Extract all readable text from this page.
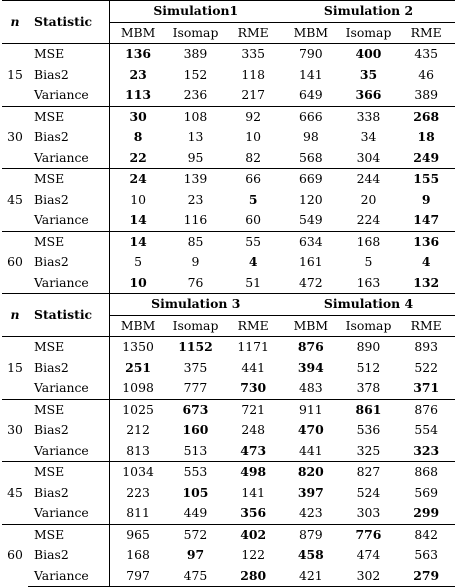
n	Statistic	Simulation1			Simulation 2		
		MBM	Isomap	RME	MBM	Isomap	RME
15	MSE	136	389	335	790	400	435
	Bias2	23	152	118	141	35	46
	Variance	113	236	217	649	366	389
30	MSE	30	108	92	666	338	268
	Bias2	8	13	10	98	34	18
	Variance	22	95	82	568	304	249
45	MSE	24	139	66	669	244	155
	Bias2	10	23	5	120	20	9
	Variance	14	116	60	549	224	147
60	MSE	14	85	55	634	168	136
	Bias2	5	9	4	161	5	4
	Variance	10	76	51	472	163	132
n	Statistic	Simulation 3			Simulation 4		
		MBM	Isomap	RME	MBM	Isomap	RME
15	MSE	1350	1152	1171	876	890	893
	Bias2	251	375	441	394	512	522
	Variance	1098	777	730	483	378	371
30	MSE	1025	673	721	911	861	876
	Bias2	212	160	248	470	536	554
	Variance	813	513	473	441	325	323
45	MSE	1034	553	498	820	827	868
	Bias2	223	105	141	397	524	569
	Variance	811	449	356	423	303	299
60	MSE	965	572	402	879	776	842
	Bias2	168	97	122	458	474	563
	Variance	797	475	280	421	302	279
